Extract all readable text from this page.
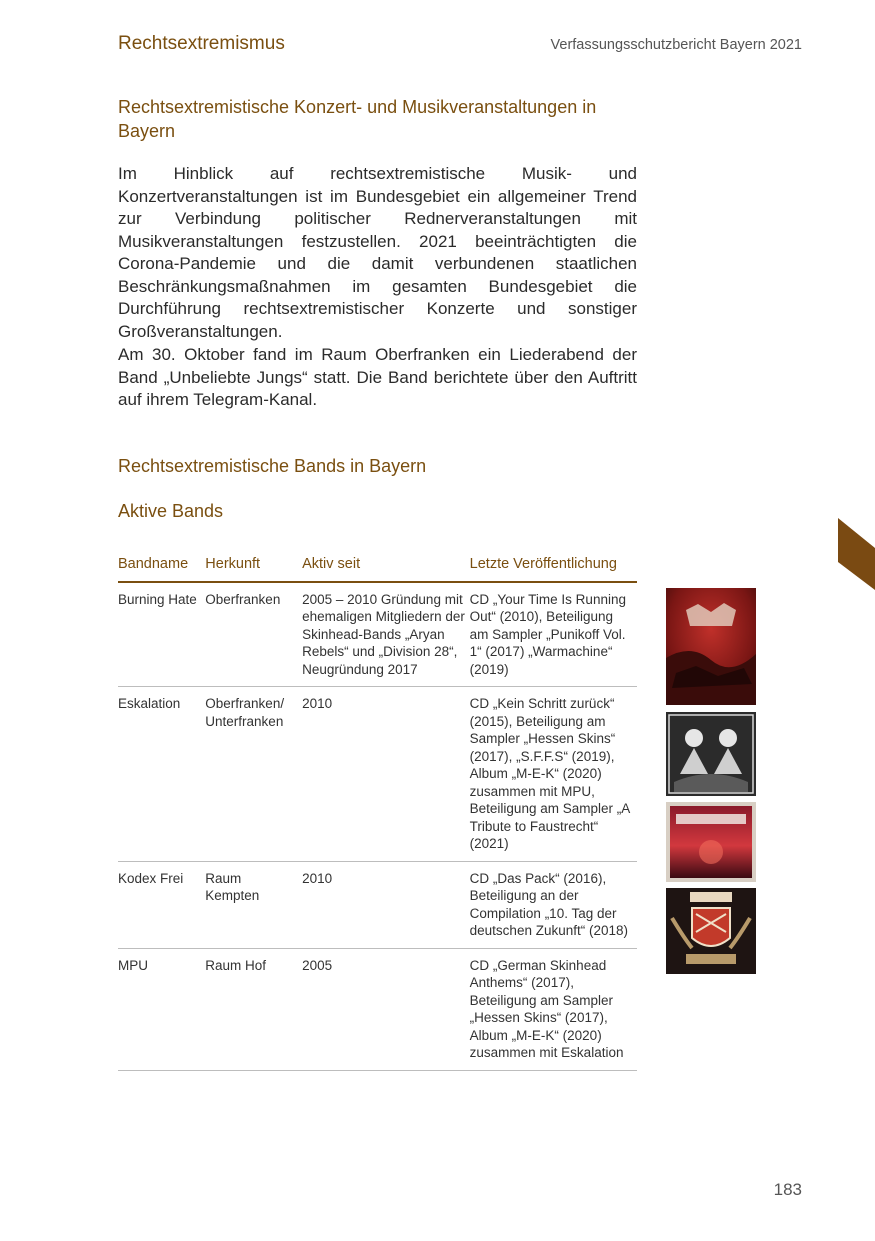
Rechtsextremismus	Verfassungsschutzbericht Bayern 2021
Rechtsextremistische Konzert- und Musikveranstaltungen in Bayern

Im Hinblick auf rechtsextremistische Musik- und Konzertveranstaltungen ist im Bundesgebiet ein allgemeiner Trend zur Verbindung politischer Rednerveranstaltungen mit Musikveranstaltungen festzustellen. 2021 beeinträchtigten die Corona-Pandemie und die damit verbundenen staatlichen Beschränkungsmaßnahmen im gesamten Bundesgebiet die Durchführung rechtsextremistischer Konzerte und sonstiger Großveranstaltungen.

Am 30. Oktober fand im Raum Oberfranken ein Liederabend der Band „Unbeliebte Jungs“ statt. Die Band berichtete über den Auftritt auf ihrem Telegram-Kanal.

Rechtsextremistische Bands in Bayern
Aktive Bands
Bandname	Herkunft	Aktiv seit	Letzte Veröffentlichung
Burning Hate	Oberfranken	2005 – 2010 Gründung mit ehemaligen Mitgliedern der Skinhead-Bands „Aryan Rebels“ und „Division 28“, Neugründung 2017	CD „Your Time Is Running Out“ (2010), Beteiligung am Sampler „Punikoff Vol. 1“ (2017) „Warmachine“ (2019)
Eskalation	Oberfranken/ Unterfranken	2010	CD „Kein Schritt zurück“ (2015), Beteiligung am Sampler „Hessen Skins“ (2017), „S.F.F.S“ (2019), Album „M-E-K“ (2020) zusammen mit MPU, Beteiligung am Sampler „A Tribute to Faustrecht“ (2021)
Kodex Frei	Raum Kempten	2010	CD „Das Pack“ (2016), Beteiligung an der Compilation „10. Tag der deutschen Zukunft“ (2018)
MPU	Raum Hof	2005	CD „German Skinhead Anthems“ (2017), Beteiligung am Sampler „Hessen Skins“ (2017), Album „M-E-K“ (2020) zusammen mit Eskalation
183
